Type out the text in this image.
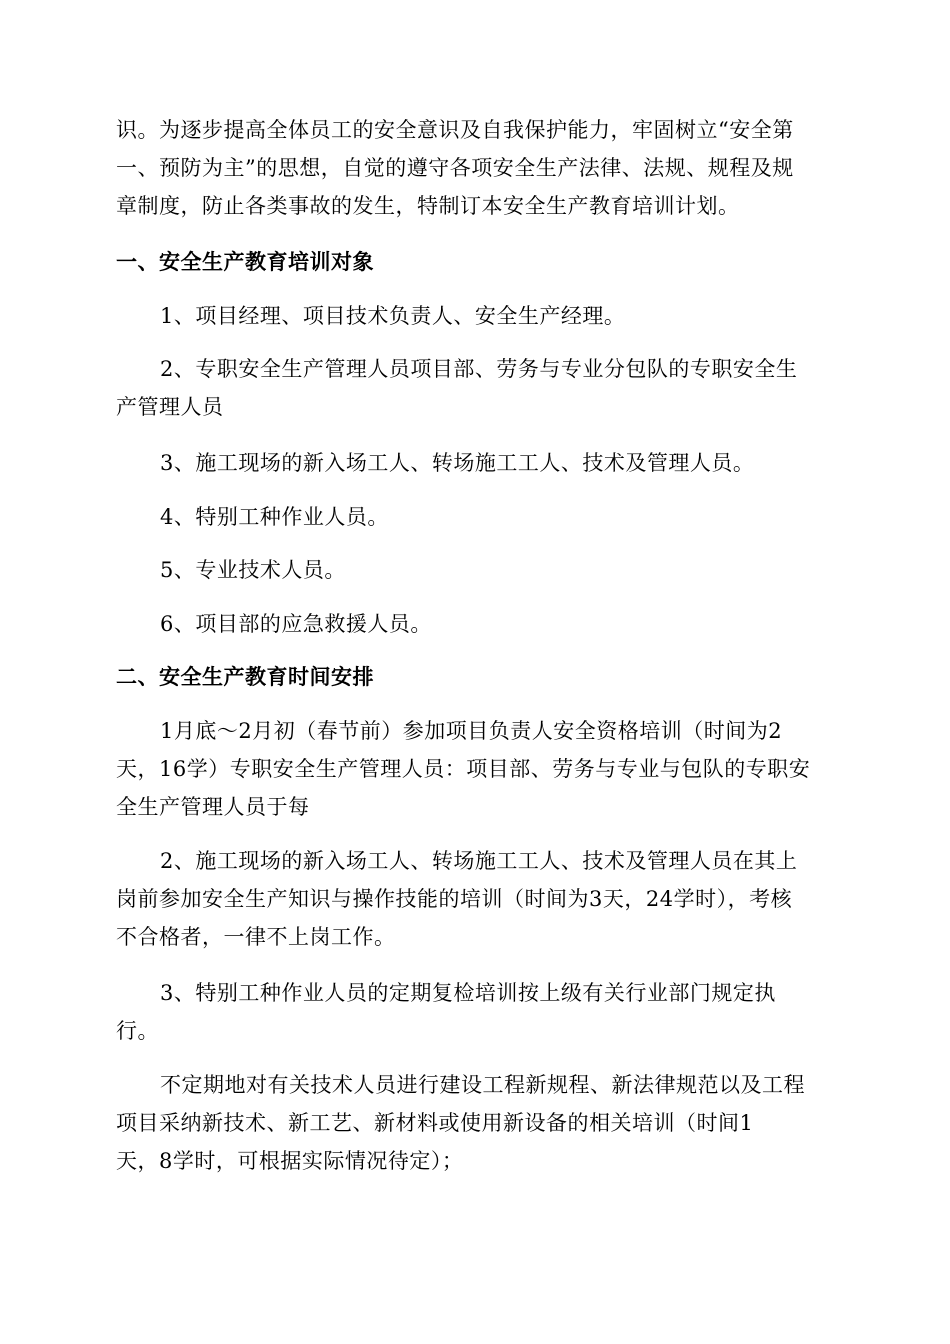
识。为逐步提高全体员工的安全意识及自我保护能力，牢固树立“安全第
一、预防为主”的思想，自觉的遵守各项安全生产法律、法规、规程及规
章制度，防止各类事故的发生，特制订本安全生产教育培训计划。
一、安全生产教育培训对象
1、项目经理、项目技术负责人、安全生产经理。
2、专职安全生产管理人员项目部、劳务与专业分包队的专职安全生
产管理人员
3、施工现场的新入场工人、转场施工工人、技术及管理人员。
4、特别工种作业人员。
5、专业技术人员。
6、项目部的应急救援人员。
二、安全生产教育时间安排
1月底～2月初（春节前）参加项目负责人安全资格培训（时间为2
天，16学）专职安全生产管理人员：项目部、劳务与专业与包队的专职安
全生产管理人员于每
2、施工现场的新入场工人、转场施工工人、技术及管理人员在其上
岗前参加安全生产知识与操作技能的培训（时间为3天，24学时），考核
不合格者，一律不上岗工作。
3、特别工种作业人员的定期复检培训按上级有关行业部门规定执
行。
不定期地对有关技术人员进行建设工程新规程、新法律规范以及工程
项目采纳新技术、新工艺、新材料或使用新设备的相关培训（时间1
天，8学时，可根据实际情况待定）；
